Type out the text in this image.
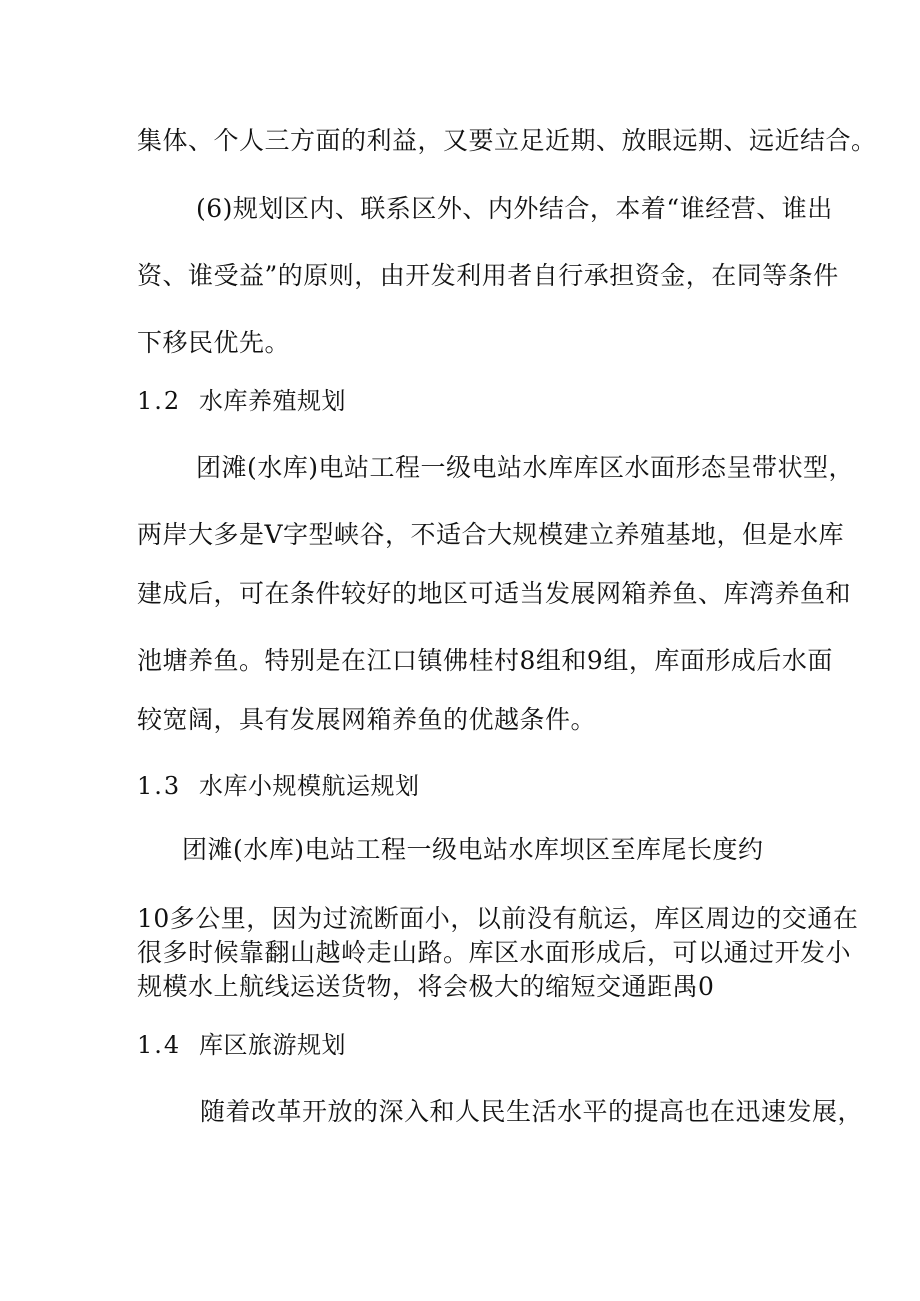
集体、个人三方面的利益，又要立足近期、放眼远期、远近结合。
(6)规划区内、联系区外、内外结合，本着“谁经营、谁出
资、谁受益”的原则，由开发利用者自行承担资金，在同等条件
下移民优先。
1.2 水库养殖规划
团滩(水库)电站工程一级电站水库库区水面形态呈带状型，
两岸大多是V字型峡谷，不适合大规模建立养殖基地，但是水库
建成后，可在条件较好的地区可适当发展网箱养鱼、库湾养鱼和
池塘养鱼。特别是在江口镇佛桂村8组和9组，库面形成后水面
较宽阔，具有发展网箱养鱼的优越条件。
1.3 水库小规模航运规划
团滩(水库)电站工程一级电站水库坝区至库尾长度约
10多公里，因为过流断面小，以前没有航运，库区周边的交通在
很多时候靠翻山越岭走山路。库区水面形成后，可以通过开发小
规模水上航线运送货物，将会极大的缩短交通距禺0
1.4 库区旅游规划
随着改革开放的深入和人民生活水平的提高也在迅速发展，
